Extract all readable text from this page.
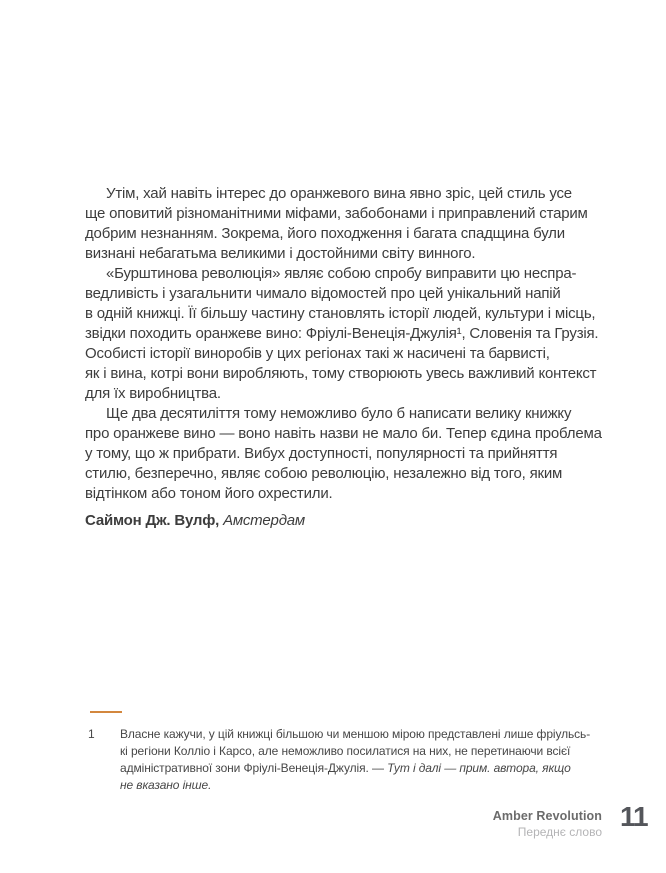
Утім, хай навіть інтерес до оранжевого вина явно зріс, цей стиль усе
ще оповитий різноманітними міфами, забобонами і приправлений старим
добрим незнанням. Зокрема, його походження і багата спадщина були
визнані небагатьма великими і достойними світу винного.

«Бурштинова революція» являє собою спробу виправити цю неспра-
ведливість і узагальнити чимало відомостей про цей унікальний напій
в одній книжці. Її більшу частину становлять історії людей, культури і місць,
звідки походить оранжеве вино: Фріулі-Венеція-Джулія¹, Словенія та Грузія.
Особисті історії виноробів у цих регіонах такі ж насичені та барвисті,
як і вина, котрі вони виробляють, тому створюють увесь важливий контекст
для їх виробництва.

Ще два десятиліття тому неможливо було б написати велику книжку
про оранжеве вино — воно навіть назви не мало би. Тепер єдина проблема
у тому, що ж прибрати. Вибух доступності, популярності та прийняття
стилю, безперечно, являє собою революцію, незалежно від того, яким
відтінком або тоном його охрестили.

Саймон Дж. Вулф, Амстердам
1 Власне кажучи, у цій книжці більшою чи меншою мірою представлені лише фріульсь-
кі регіони Колліо і Карсо, але неможливо посилатися на них, не перетинаючи всієї
адміністративної зони Фріулі-Венеція-Джулія. — Тут і далі — прим. автора, якщо
не вказано інше.
Amber Revolution
Переднє слово 11
